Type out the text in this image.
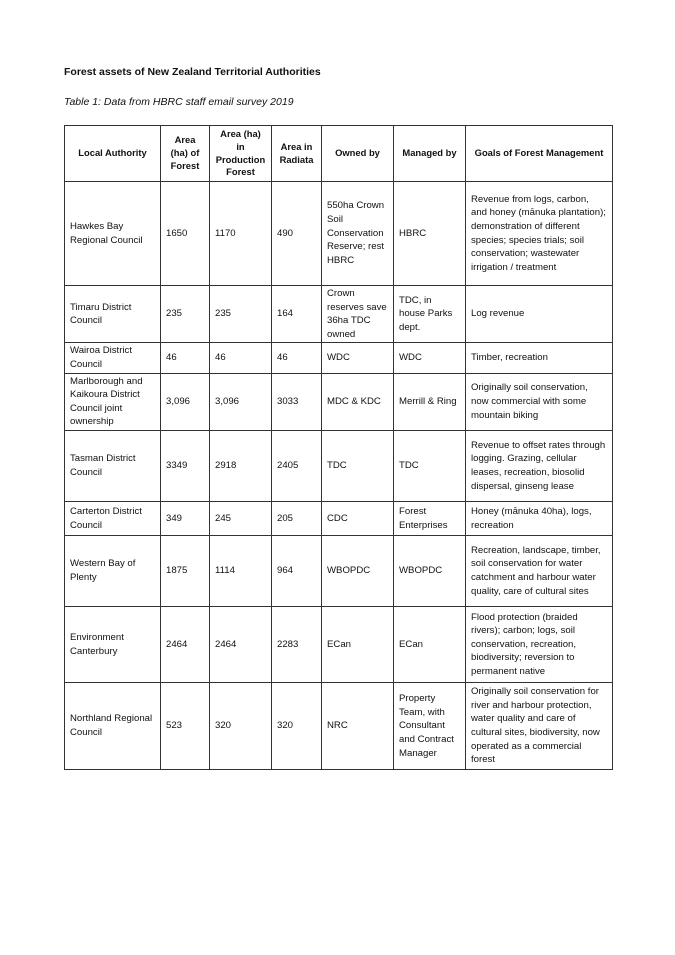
Forest assets of New Zealand Territorial Authorities
Table 1: Data from HBRC staff email survey 2019
Local Authority	Area (ha) of Forest	Area (ha) in Production Forest	Area in Radiata	Owned by	Managed by	Goals of Forest Management
Hawkes Bay Regional Council	1650	1170	490	550ha Crown Soil Conservation Reserve; rest HBRC	HBRC	Revenue from logs, carbon, and honey (mānuka plantation); demonstration of different species; species trials; soil conservation; wastewater irrigation / treatment
Timaru District Council	235	235	164	Crown reserves save 36ha TDC owned	TDC, in house Parks dept.	Log revenue
Wairoa District Council	46	46	46	WDC	WDC	Timber, recreation
Marlborough and Kaikoura District Council joint ownership	3,096	3,096	3033	MDC & KDC	Merrill & Ring	Originally soil conservation, now commercial with some mountain biking
Tasman District Council	3349	2918	2405	TDC	TDC	Revenue to offset rates through logging. Grazing, cellular leases, recreation, biosolid dispersal, ginseng lease
Carterton District Council	349	245	205	CDC	Forest Enterprises	Honey (mānuka 40ha), logs, recreation
Western Bay of Plenty	1875	1114	964	WBOPDC	WBOPDC	Recreation, landscape, timber, soil conservation for water catchment and harbour water quality, care of cultural sites
Environment Canterbury	2464	2464	2283	ECan	ECan	Flood protection (braided rivers); carbon; logs, soil conservation, recreation, biodiversity; reversion to permanent native
Northland Regional Council	523	320	320	NRC	Property Team, with Consultant and Contract Manager	Originally soil conservation for river and harbour protection, water quality and care of cultural sites, biodiversity, now operated as a commercial forest
